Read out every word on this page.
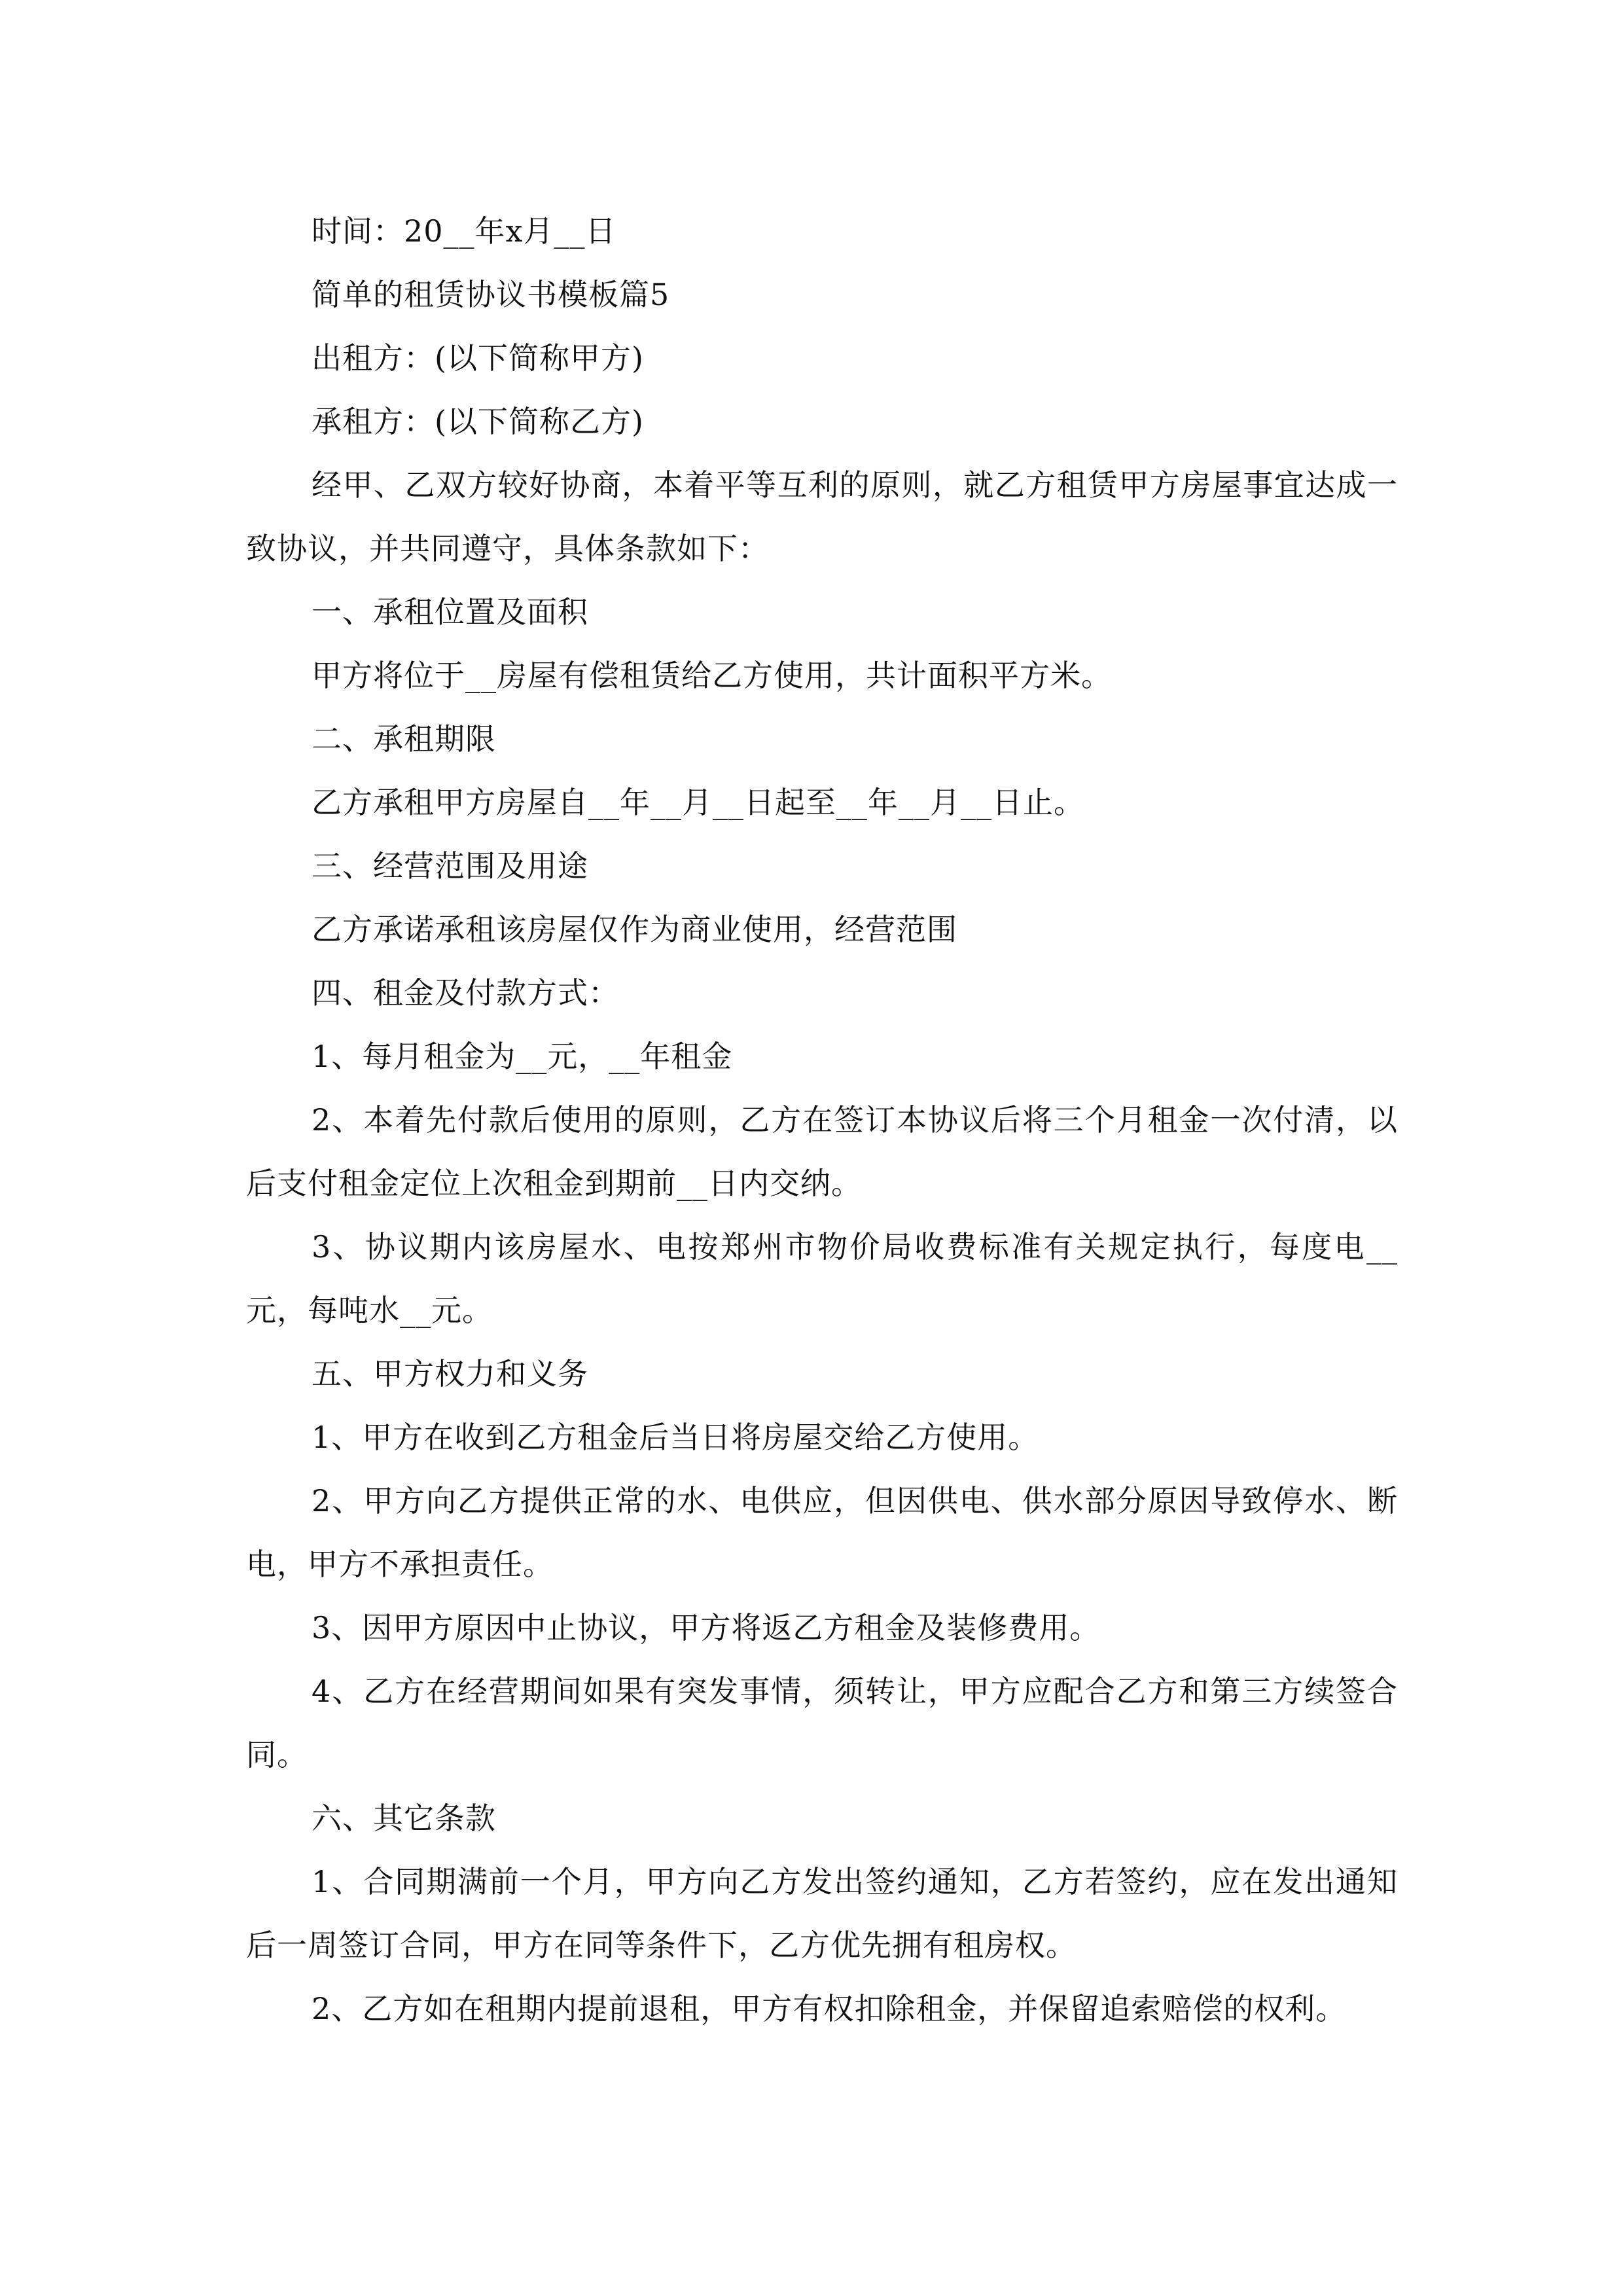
时间：20__年x月__日

简单的租赁协议书模板篇5

出租方：(以下简称甲方)

承租方：(以下简称乙方)

经甲、乙双方较好协商，本着平等互利的原则，就乙方租赁甲方房屋事宜达成一致协议，并共同遵守，具体条款如下：

一、承租位置及面积

甲方将位于__房屋有偿租赁给乙方使用，共计面积平方米。

二、承租期限

乙方承租甲方房屋自__年__月__日起至__年__月__日止。

三、经营范围及用途

乙方承诺承租该房屋仅作为商业使用，经营范围

四、租金及付款方式：

1、每月租金为__元，__年租金

2、本着先付款后使用的原则，乙方在签订本协议后将三个月租金一次付清，以后支付租金定位上次租金到期前__日内交纳。

3、协议期内该房屋水、电按郑州市物价局收费标准有关规定执行，每度电__元，每吨水__元。

五、甲方权力和义务

1、甲方在收到乙方租金后当日将房屋交给乙方使用。

2、甲方向乙方提供正常的水、电供应，但因供电、供水部分原因导致停水、断电，甲方不承担责任。

3、因甲方原因中止协议，甲方将返乙方租金及装修费用。

4、乙方在经营期间如果有突发事情，须转让，甲方应配合乙方和第三方续签合同。

六、其它条款

1、合同期满前一个月，甲方向乙方发出签约通知，乙方若签约，应在发出通知后一周签订合同，甲方在同等条件下，乙方优先拥有租房权。

2、乙方如在租期内提前退租，甲方有权扣除租金，并保留追索赔偿的权利。
